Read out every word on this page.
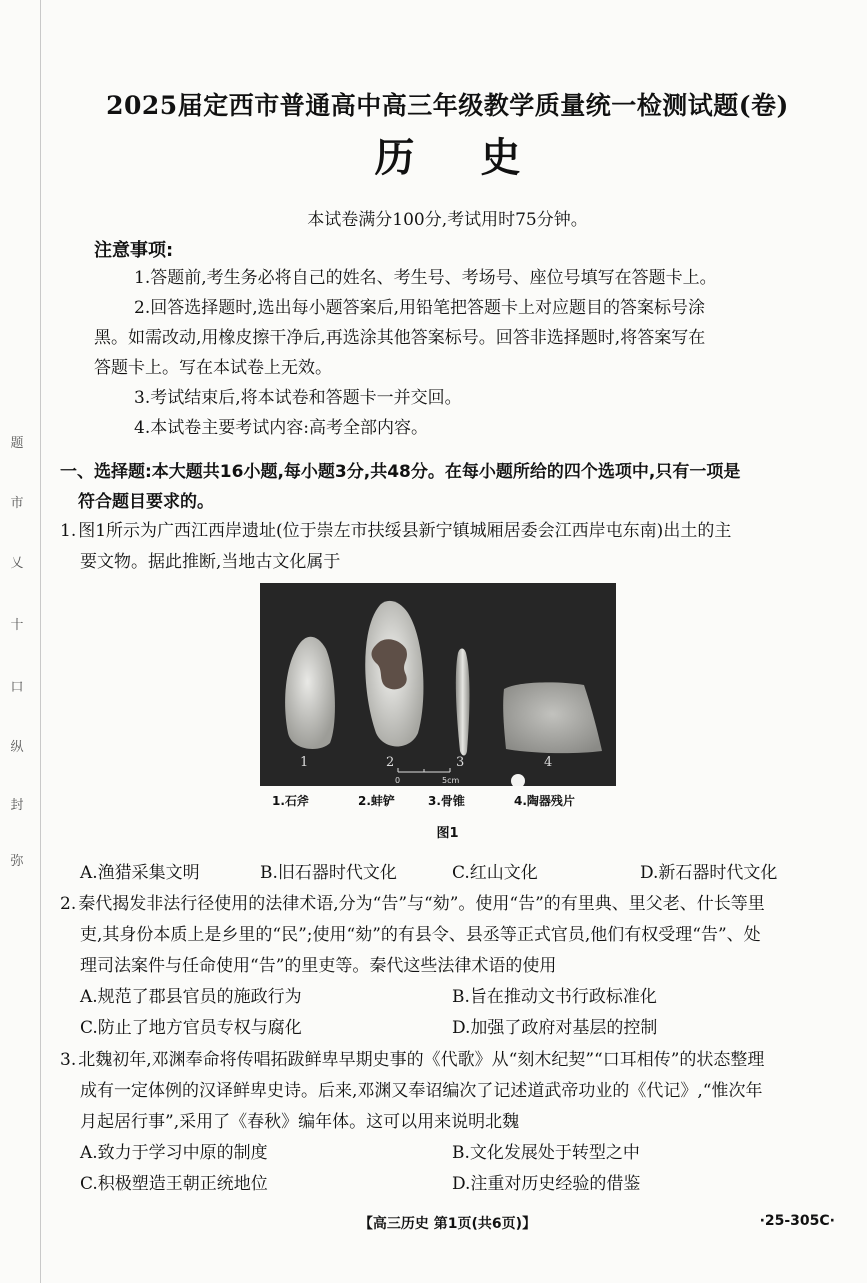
题
市
乂
十
口
纵
封
弥
2025届定西市普通高中高三年级教学质量统一检测试题(卷)
历史
本试卷满分100分,考试用时75分钟。
注意事项:

1.答题前,考生务必将自己的姓名、考生号、考场号、座位号填写在答题卡上。

2.回答选择题时,选出每小题答案后,用铅笔把答题卡上对应题目的答案标号涂

黑。如需改动,用橡皮擦干净后,再选涂其他答案标号。回答非选择题时,将答案写在

答题卡上。写在本试卷上无效。

3.考试结束后,将本试卷和答题卡一并交回。

4.本试卷主要考试内容:高考全部内容。

一、选择题:本大题共16小题,每小题3分,共48分。在每小题所给的四个选项中,只有一项是
符合题目要求的。
1. 图1所示为广西江西岸遗址(位于崇左市扶绥县新宁镇城厢居委会江西岸屯东南)出土的主
要文物。据此推断,当地古文化属于
1	2	3	4
0	5cm
1.石斧	2.蚌铲	3.骨锥	4.陶器残片
图1
A.渔猎采集文明	B.旧石器时代文化	C.红山文化	D.新石器时代文化
2. 秦代揭发非法行径使用的法律术语,分为“告”与“劾”。使用“告”的有里典、里父老、什长等里
吏,其身份本质上是乡里的“民”;使用“劾”的有县令、县丞等正式官员,他们有权受理“告”、处
理司法案件与任命使用“告”的里吏等。秦代这些法律术语的使用
A.规范了郡县官员的施政行为	B.旨在推动文书行政标准化
C.防止了地方官员专权与腐化	D.加强了政府对基层的控制
3. 北魏初年,邓渊奉命将传唱拓跋鲜卑早期史事的《代歌》从“刻木纪契”“口耳相传”的状态整理
成有一定体例的汉译鲜卑史诗。后来,邓渊又奉诏编次了记述道武帝功业的《代记》,“惟次年
月起居行事”,采用了《春秋》编年体。这可以用来说明北魏
A.致力于学习中原的制度	B.文化发展处于转型之中
C.积极塑造王朝正统地位	D.注重对历史经验的借鉴
【高三历史 第1页(共6页)】	·25-305C·
